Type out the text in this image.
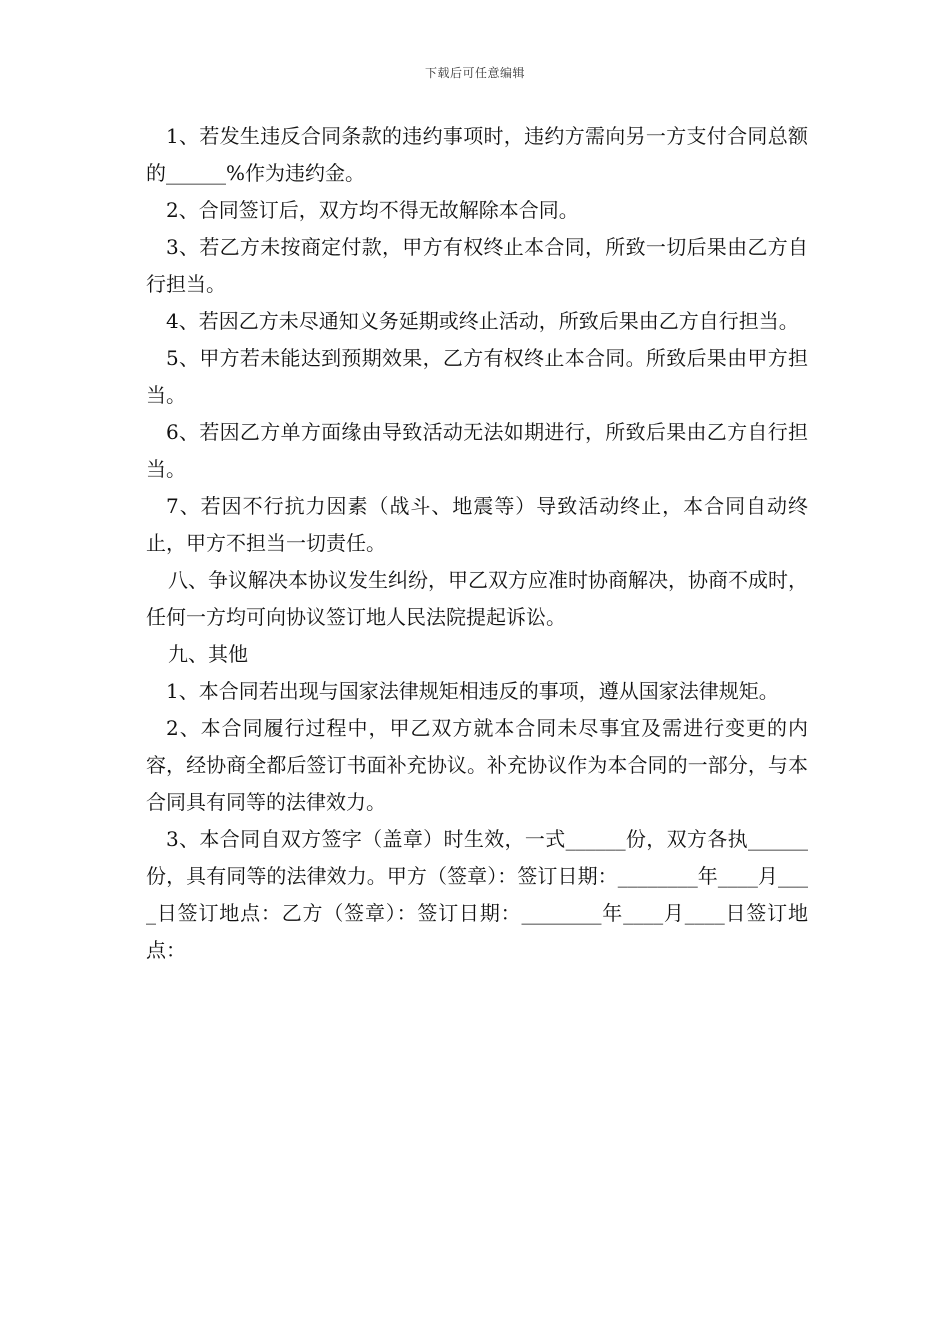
下载后可任意编辑

1、若发生违反合同条款的违约事项时，违约方需向另一方支付合同总额的______%作为违约金。

2、合同签订后，双方均不得无故解除本合同。

3、若乙方未按商定付款，甲方有权终止本合同，所致一切后果由乙方自行担当。

4、若因乙方未尽通知义务延期或终止活动，所致后果由乙方自行担当。

5、甲方若未能达到预期效果，乙方有权终止本合同。所致后果由甲方担当。

6、若因乙方单方面缘由导致活动无法如期进行，所致后果由乙方自行担当。

7、若因不行抗力因素（战斗、地震等）导致活动终止，本合同自动终止，甲方不担当一切责任。

八、争议解决本协议发生纠纷，甲乙双方应准时协商解决，协商不成时，任何一方均可向协议签订地人民法院提起诉讼。

九、其他

1、本合同若出现与国家法律规矩相违反的事项，遵从国家法律规矩。

2、本合同履行过程中，甲乙双方就本合同未尽事宜及需进行变更的内容，经协商全都后签订书面补充协议。补充协议作为本合同的一部分，与本合同具有同等的法律效力。

3、本合同自双方签字（盖章）时生效，一式______份，双方各执______份，具有同等的法律效力。甲方（签章）：签订日期：________年____月____日签订地点：乙方（签章）：签订日期：________年____月____日签订地点：
